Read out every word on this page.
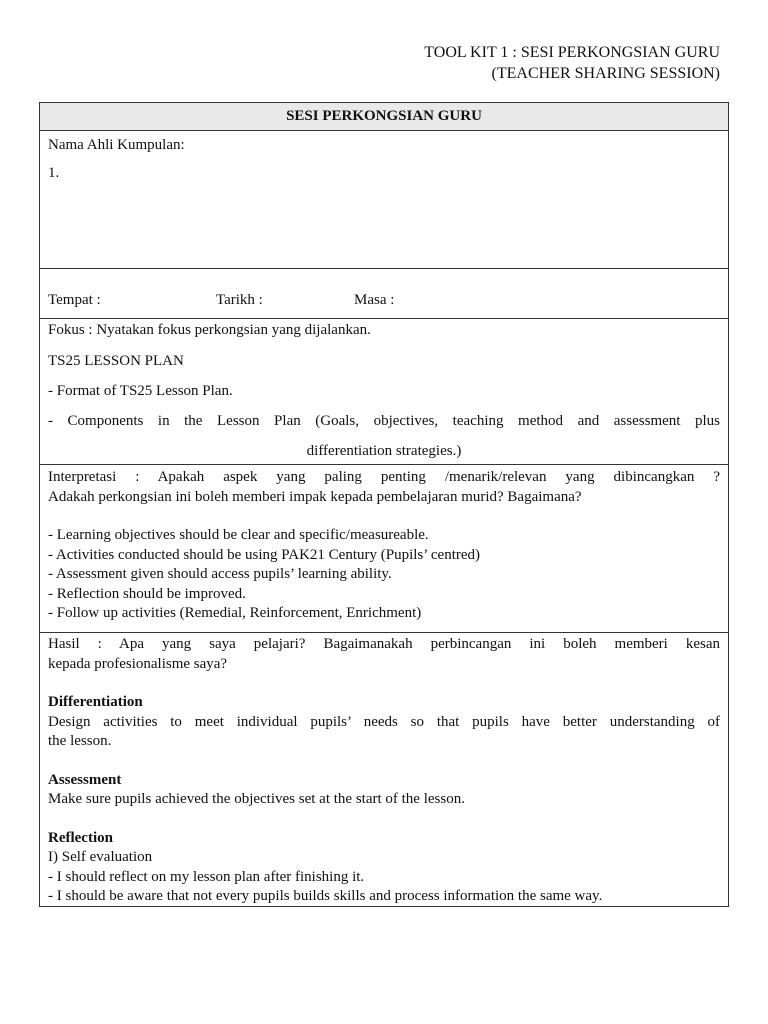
TOOL KIT 1 : SESI PERKONGSIAN GURU
(TEACHER SHARING SESSION)
SESI PERKONGSIAN GURU
Nama Ahli Kumpulan:
1.
Tempat :	Tarikh :	Masa :

Fokus : Nyatakan fokus perkongsian yang dijalankan.

TS25 LESSON PLAN

- Format of TS25 Lesson Plan.

- Components in the Lesson Plan (Goals, objectives, teaching method and assessment plus

differentiation strategies.)

Interpretasi : Apakah aspek yang paling penting /menarik/relevan yang dibincangkan ?
Adakah perkongsian ini boleh memberi impak kepada pembelajaran murid? Bagaimana?
- Learning objectives should be clear and specific/measureable.
- Activities conducted should be using PAK21 Century (Pupils’ centred)
- Assessment given should access pupils’ learning ability.
- Reflection should be improved.
- Follow up activities (Remedial, Reinforcement, Enrichment)
Hasil : Apa yang saya pelajari? Bagaimanakah perbincangan ini boleh memberi kesan
kepada profesionalisme saya?
Differentiation
Design activities to meet individual pupils’ needs so that pupils have better understanding of
the lesson.
Assessment
Make sure pupils achieved the objectives set at the start of the lesson.
Reflection
I) Self evaluation
- I should reflect on my lesson plan after finishing it.
- I should be aware that not every pupils builds skills and process information the same way.
